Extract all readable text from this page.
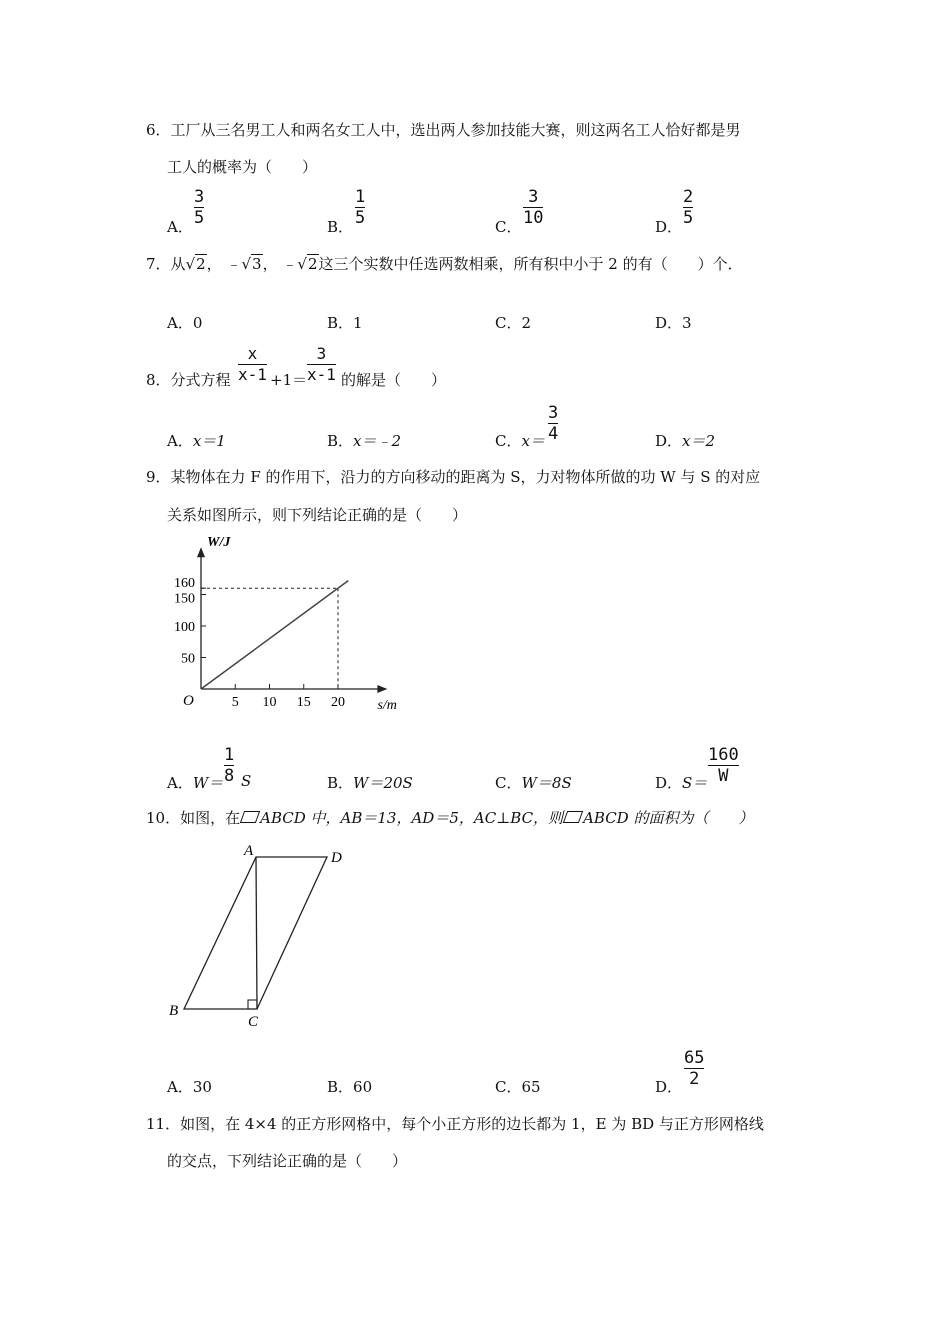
6．工厂从三名男工人和两名女工人中，选出两人参加技能大赛，则这两名工人恰好都是男
工人的概率为（　　）
A．
3
5	B．
1
5	C．
3
10	D．
2
5
7．从√2， ﹣√3， ﹣√2这三个实数中任选两数相乘，所有积中小于 2 的有（　　）个．
A．0	B．1	C．2	D．3
8．分式方程
x
x-1 +1＝
3
x-1 的解是（　　）
A．x＝1	B．x＝﹣2	C．x＝
3
4	D．x＝2
9．某物体在力 F 的作用下，沿力的方向移动的距离为 S，力对物体所做的功 W 与 S 的对应
关系如图所示，则下列结论正确的是（　　）
W/J
s/m
O	5 10 15 20
50
100
150
160
A．W＝
1
8 S	B．W＝20S	C．W＝8S	D．S＝
160
W
10．如图，在 ABCD 中，AB＝13，AD＝5，AC⊥BC，则 ABCD 的面积为（　　）
A	D
B
C
A．30	B．60	C．65	D．
65
2
11．如图，在 4×4 的正方形网格中，每个小正方形的边长都为 1，E 为 BD 与正方形网格线
的交点，下列结论正确的是（　　）
